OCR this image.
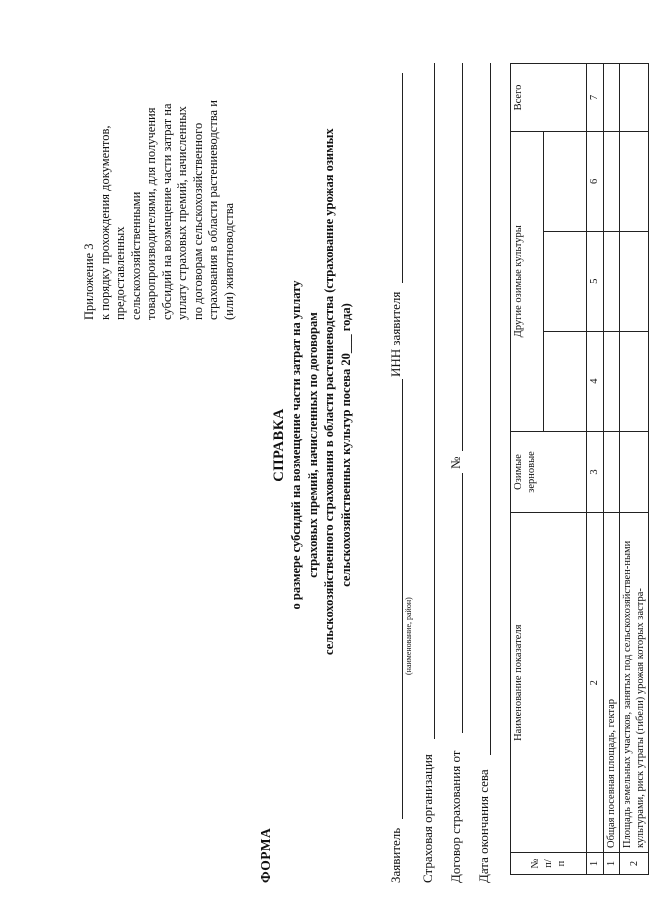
Приложение 3 к порядку прохождения документов, предоставленных сельскохозяйственными товаропроизводителями, для получения субсидий на возмещение части затрат на уплату страховых премий, начисленных по договорам сельскохозяйственного страхования в области растениеводства и (или) животноводства
ФОРМА
СПРАВКА о размере субсидий на возмещение части затрат на уплату страховых премий, начисленных по договорам сельскохозяйственного страхования в области растениеводства (страхование урожая озимых сельскохозяйственных культур посева 20___ года)
Заявитель
(наименование, район)
ИНН заявителя
Страховая организация Договор страхования от
№
Дата окончания сева	№ п/п	Наименование показателя	Озимые зерновые	Другие озимые культуры			Всего

1	2	3	4	5	6	7
1	Общая посевная площадь, гектар					
2	Площадь земельных участков, занятых под сельскохозяйствен-ными культурами, риск утраты (гибели) урожая которых застра-					
